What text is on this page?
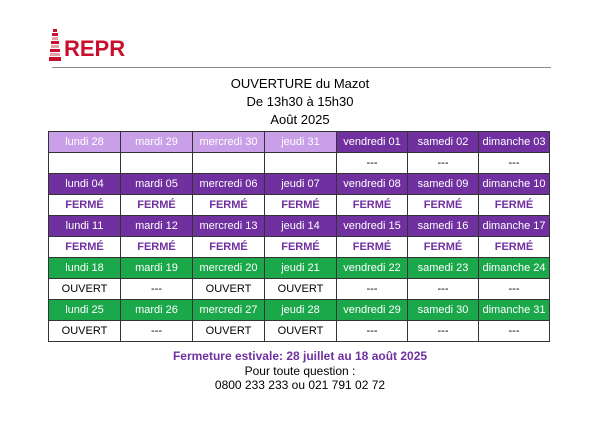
REPR
OUVERTURE du Mazot
De 13h30 à 15h30
Août 2025
lundi 28	mardi 29	mercredi 30	jeudi 31	vendredi 01	samedi 02	dimanche 03
				---	---	---
lundi 04	mardi 05	mercredi 06	jeudi 07	vendredi 08	samedi 09	dimanche 10
FERMÉ	FERMÉ	FERMÉ	FERMÉ	FERMÉ	FERMÉ	FERMÉ
lundi 11	mardi 12	mercredi 13	jeudi 14	vendredi 15	samedi 16	dimanche 17
FERMÉ	FERMÉ	FERMÉ	FERMÉ	FERMÉ	FERMÉ	FERMÉ
lundi 18	mardi 19	mercredi 20	jeudi 21	vendredi 22	samedi 23	dimanche 24
OUVERT	---	OUVERT	OUVERT	---	---	---
lundi 25	mardi 26	mercredi 27	jeudi 28	vendredi 29	samedi 30	dimanche 31
OUVERT	---	OUVERT	OUVERT	---	---	---
Fermeture estivale: 28 juillet au 18 août 2025
Pour toute question :
0800 233 233 ou 021 791 02 72
